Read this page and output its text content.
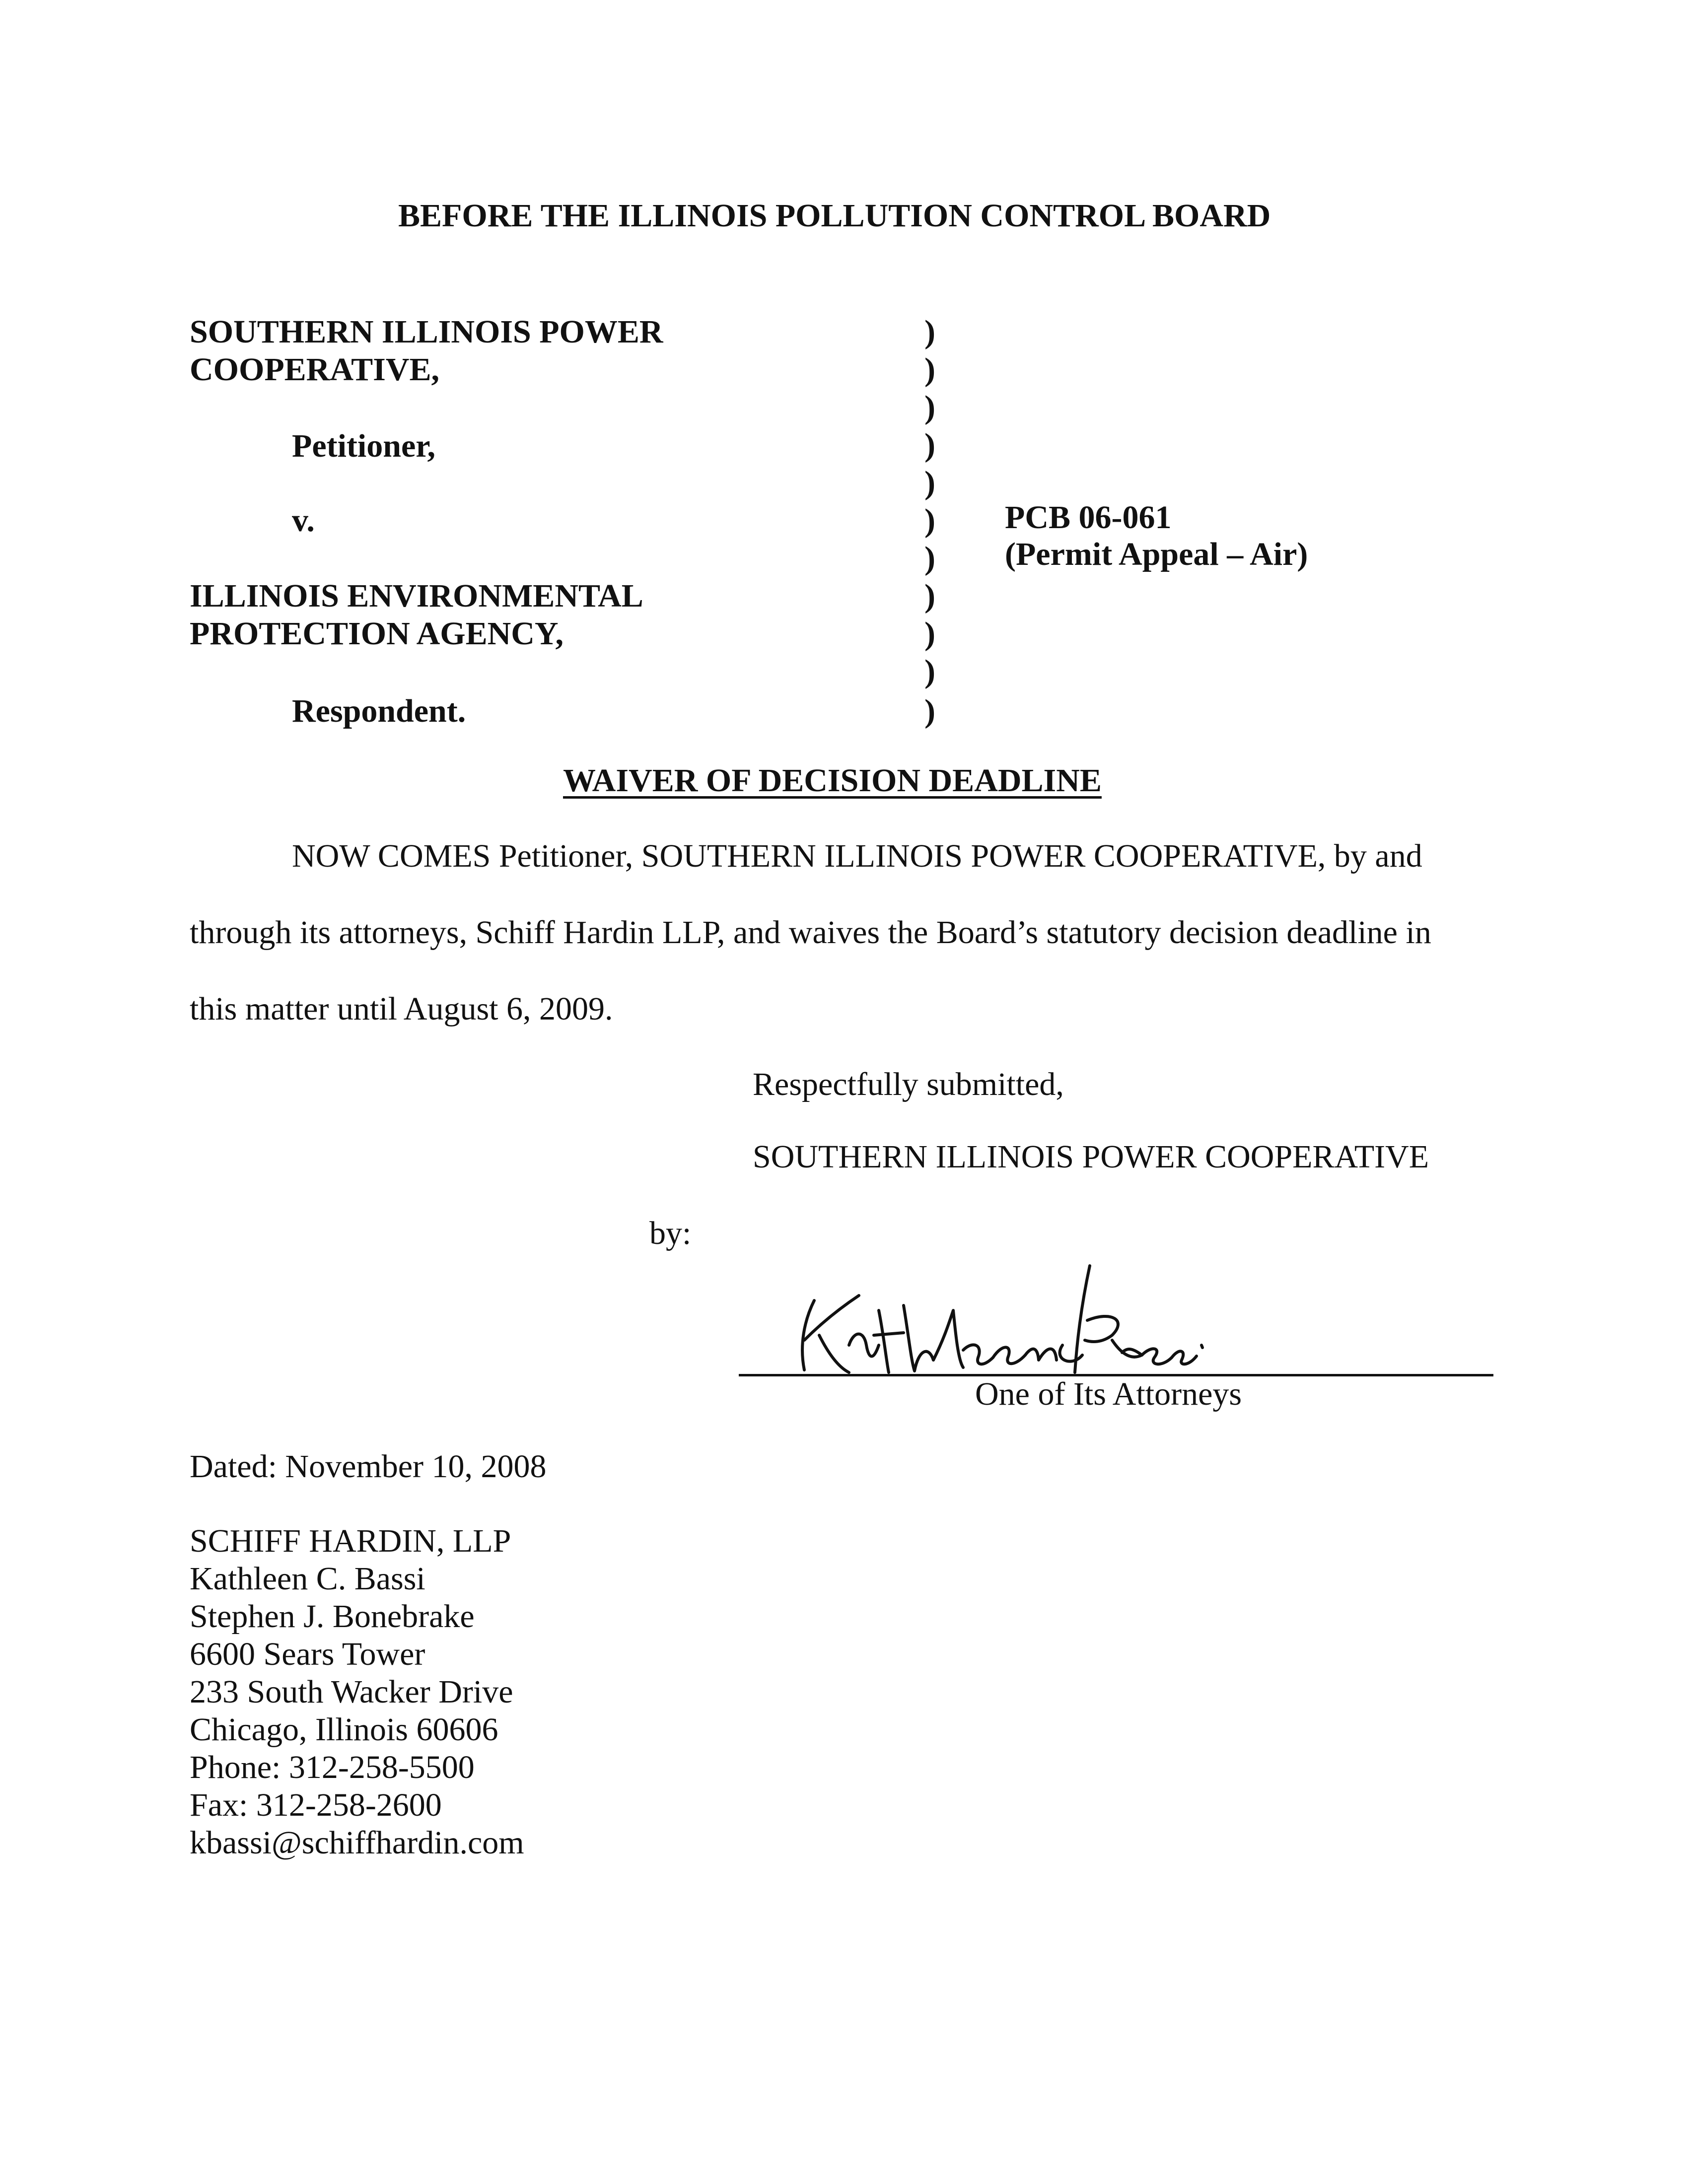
BEFORE THE ILLINOIS POLLUTION CONTROL BOARD
SOUTHERN ILLINOIS POWER
COOPERATIVE,
Petitioner,
v.
ILLINOIS ENVIRONMENTAL
PROTECTION AGENCY,
Respondent.
)
)
)
)
)
)
)
)
)
)
)
PCB 06-061
(Permit Appeal – Air)
WAIVER OF DECISION DEADLINE
NOW COMES Petitioner, SOUTHERN ILLINOIS POWER COOPERATIVE, by and
through its attorneys, Schiff Hardin LLP, and waives the Board’s statutory decision deadline in
this matter until August 6, 2009.
Respectfully submitted,
SOUTHERN ILLINOIS POWER COOPERATIVE
by:
One of Its Attorneys
Dated: November 10, 2008
SCHIFF HARDIN, LLP
Kathleen C. Bassi
Stephen J. Bonebrake
6600 Sears Tower
233 South Wacker Drive
Chicago, Illinois 60606
Phone: 312-258-5500
Fax: 312-258-2600
kbassi@schiffhardin.com
